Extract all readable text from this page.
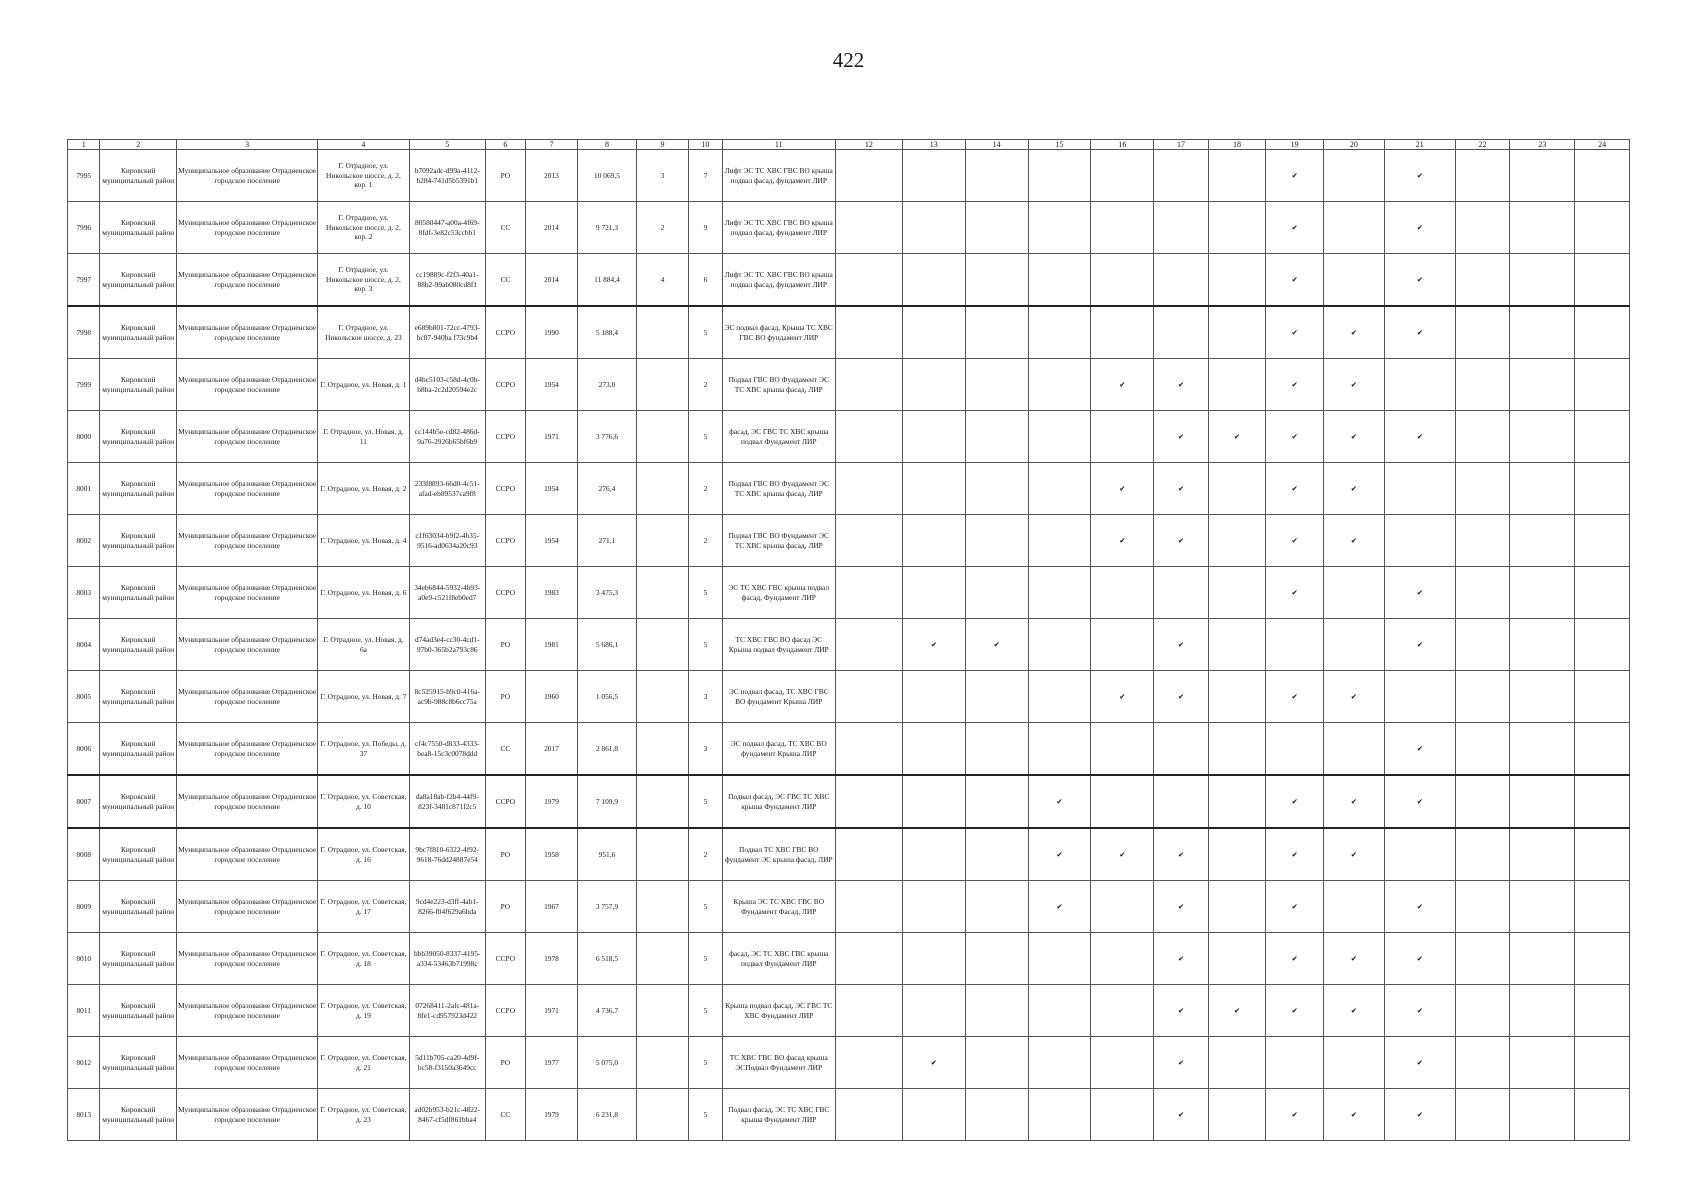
422
1	2	3	4	5	6	7	8	9	10	11	12	13	14	15	16	17	18	19	20	21	22	23	24
7995	Кировский муниципальный район	Муниципальное образование Отрадненское городское поселение	Г. Отрадное, ул. Никольское шоссе, д. 2, кор. 1	b7092adc-d99a-4112-b284-741d5b5391b1	РО	2013	10 069,5	3	7	Лифт ЭС ТС ХВС ГВС ВО крыша подвал фасад, фундамент ЛИР								✔		✔			
7996	Кировский муниципальный район	Муниципальное образование Отрадненское городское поселение	Г. Отрадное, ул. Никольское шоссе, д. 2, кор. 2	80580447-a00a-4f69-8fdf-3e82c53ccbb1	СС	2014	9 721,3	2	9	Лифт ЭС ТС ХВС ГВС ВО крыша подвал фасад, фундамент ЛИР								✔		✔			
7997	Кировский муниципальный район	Муниципальное образование Отрадненское городское поселение	Г. Отрадное, ул. Никольское шоссе, д. 2, кор. 3	cc19889c-f2f3-40a1-88b2-99ab080cd8f1	СС	2014	11 884,4	4	6	Лифт ЭС ТС ХВС ГВС ВО крыша подвал фасад, фундамент ЛИР								✔		✔			
7998	Кировский муниципальный район	Муниципальное образование Отрадненское городское поселение	Г. Отрадное, ул. Никольское шоссе, д. 23	e689b801-72cc-4793-bc87-940ba f73c9b4	ССРО	1990	5 188,4		5	ЭС подвал фасад, Крыша ТС ХВС ГВС ВО фундамент ЛИР								✔	✔	✔			
7999	Кировский муниципальный район	Муниципальное образование Отрадненское городское поселение	Г. Отрадное, ул. Новая, д. 1	d4bc5103-c58d-4c0b-b8ba-2c2d20594e2c	ССРО	1954	273,0		2	Подвал ГВС ВО Фундамент ЭС ТС ХВС крыша фасад, ЛИР					✔	✔		✔	✔				
8000	Кировский муниципальный район	Муниципальное образование Отрадненское городское поселение	Г. Отрадное, ул. Новая, д. 11	cc144b5e-cd82-486d-9a76-2926b65bf6b9	ССРО	1971	3 776,6		5	фасад, ЭС ГВС ТС ХВС крыша подвал Фундамент ЛИР						✔	✔	✔	✔	✔			
8001	Кировский муниципальный район	Муниципальное образование Отрадненское городское поселение	Г. Отрадное, ул. Новая, д. 2	233f8893-66d0-4c51-afad-eb89537ca9f8	ССРО	1954	276,4		2	Подвал ГВС ВО Фундамент ЭС ТС ХВС крыша фасад, ЛИР					✔	✔		✔	✔				
8002	Кировский муниципальный район	Муниципальное образование Отрадненское городское поселение	Г. Отрадное, ул. Новая, д. 4	c1f63034-b9f2-4b35-9516-ad0634a20c93	ССРО	1954	271,1		2	Подвал ГВС ВО Фундамент ЭС ТС ХВС крыша фасад, ЛИР					✔	✔		✔	✔				
8003	Кировский муниципальный район	Муниципальное образование Отрадненское городское поселение	Г. Отрадное, ул. Новая, д. 6	34eb6844-5932-4b93-a0e9-c521f8eb0ed7	ССРО	1983	3 475,3		5	ЭС ТС ХВС ГВС крыша подвал фасад, Фундамент ЛИР								✔		✔			
8004	Кировский муниципальный район	Муниципальное образование Отрадненское городское поселение	Г. Отрадное, ул. Новая, д. 6а	d74ad3e4-cc30-4cd1-97b0-365b2a793c86	РО	1981	5 686,1		5	ТС ХВС ГВС ВО фасад ЭС Крыша подвал Фундамент ЛИР		✔	✔			✔				✔			
8005	Кировский муниципальный район	Муниципальное образование Отрадненское городское поселение	Г. Отрадное, ул. Новая, д. 7	8c525915-b9c0-416a-ac9b-988c8b6cc75a	РО	1960	1 056,5		3	ЭС подвал фасад, ТС ХВС ГВС ВО фундамент Крыша ЛИР					✔	✔		✔	✔				
8006	Кировский муниципальный район	Муниципальное образование Отрадненское городское поселение	Г. Отрадное, ул. Победы, д. 37	cf4c7550-d833-4333-bea8-15c3c0078ddd	СС	2017	2 861,8		3	ЭС подвал фасад, ТС ХВС ВО фундамент Крыша ЛИР										✔			
8007	Кировский муниципальный район	Муниципальное образование Отрадненское городское поселение	Г. Отрадное, ул. Советская, д. 10	da8a18ab-f2b4-44f9-823f-3481c871f2c5	ССРО	1979	7 109,9		5	Подвал фасад, ЭС ГВС ТС ХВС крыша Фундамент ЛИР				✔				✔	✔	✔			
8008	Кировский муниципальный район	Муниципальное образование Отрадненское городское поселение	Г. Отрадное, ул. Советская, д. 16	9bc7f810-6322-4f92-9618-76dd24887e54	РО	1958	951,6		2	Подвал ТС ХВС ГВС ВО фундамент ЭС крыша фасад, ЛИР				✔	✔	✔		✔	✔				
8009	Кировский муниципальный район	Муниципальное образование Отрадненское городское поселение	Г. Отрадное, ул. Советская, д. 17	9cd4e223-d3ff-4ab1-8266-f04f629a6bda	РО	1967	3 757,9		5	Крыша ЭС ТС ХВС ГВС ВО Фундамент Фасад, ЛИР				✔		✔		✔		✔			
8010	Кировский муниципальный район	Муниципальное образование Отрадненское городское поселение	Г. Отрадное, ул. Советская, д. 18	bbb39050-8337-4195-a334-53463b71998c	ССРО	1978	6 518,5		5	фасад, ЭС ТС ХВС ГВС крыша подвал Фундамент ЛИР						✔		✔	✔	✔			
8011	Кировский муниципальный район	Муниципальное образование Отрадненское городское поселение	Г. Отрадное, ул. Советская, д. 19	07268411-2afc-481a-8fe1-cd957923d422	ССРО	1971	4 736,7		5	Крыша подвал фасад, ЭС ГВС ТС ХВС Фундамент ЛИР						✔	✔	✔	✔	✔			
8012	Кировский муниципальный район	Муниципальное образование Отрадненское городское поселение	Г. Отрадное, ул. Советская, д. 21	5d11b705-ca20-4d9f-bc58-f3150a3649cc	РО	1977	5 075,0		5	ТС ХВС ГВС ВО фасад крыша ЭСПодвал Фундамент ЛИР		✔				✔				✔			
8013	Кировский муниципальный район	Муниципальное образование Отрадненское городское поселение	Г. Отрадное, ул. Советская, д. 23	ad02b953-b21c-4822-8467-cf5df861bba4	СС	1979	6 231,8		5	Подвал фасад, ЭС ТС ХВС ГВС крыша Фундамент ЛИР						✔		✔	✔	✔			
